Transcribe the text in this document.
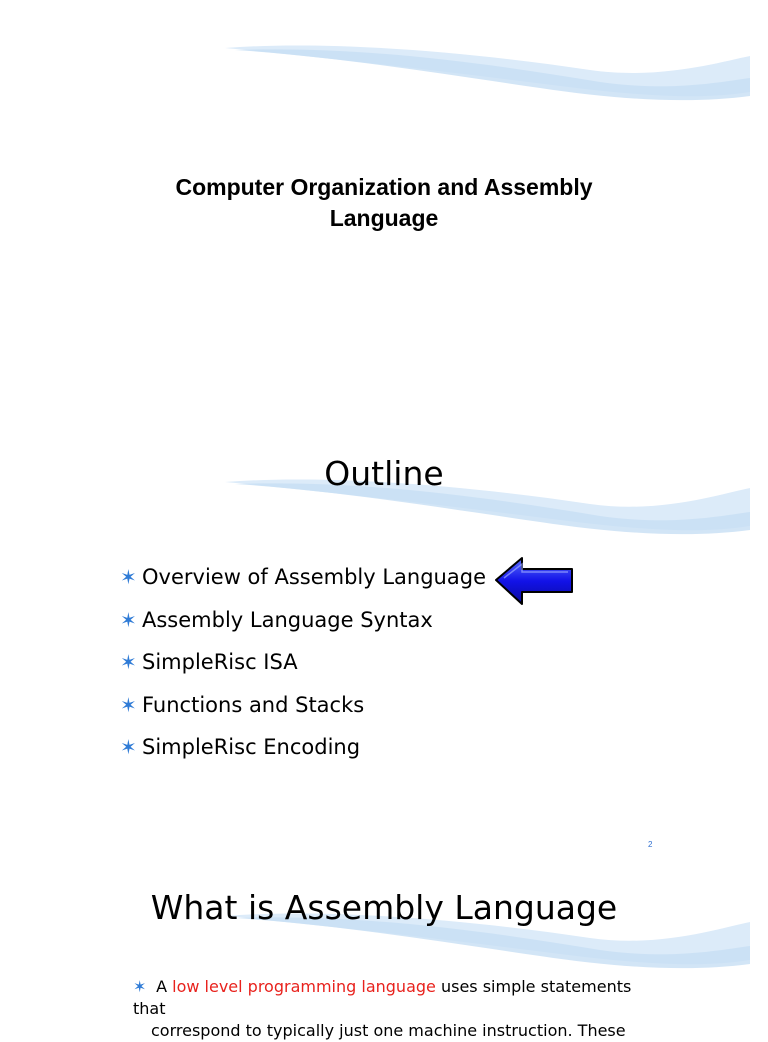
Computer Organization and Assembly
Language
Outline
✶ Overview of Assembly Language
✶ Assembly Language Syntax
✶ SimpleRisc ISA
✶ Functions and Stacks
✶ SimpleRisc Encoding
2
What is Assembly Language
✶ A low level programming language uses simple statements that
correspond to typically just one machine instruction. These
